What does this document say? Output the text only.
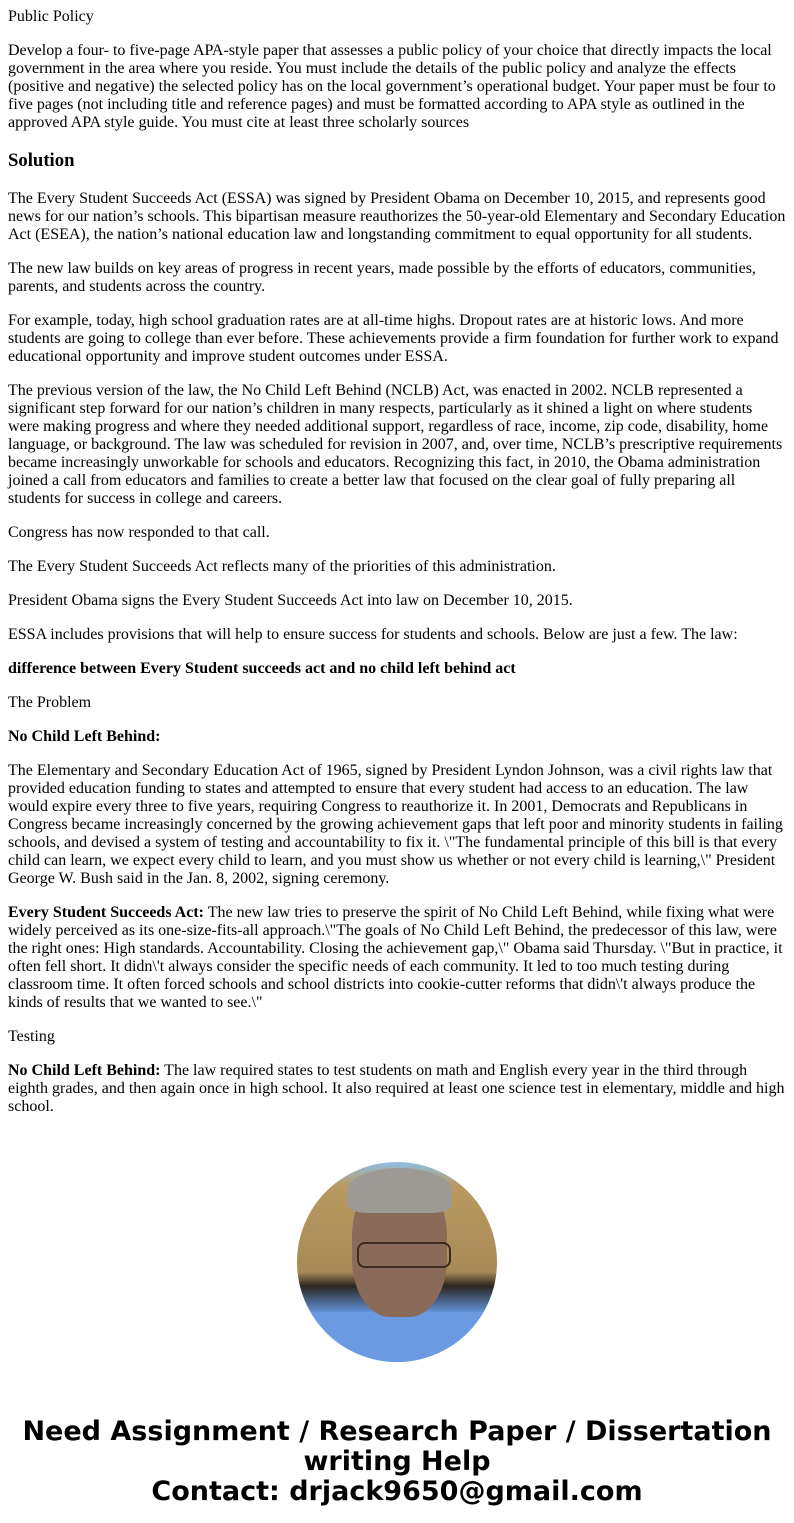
Public Policy

Develop a four- to five-page APA-style paper that assesses a public policy of your choice that directly impacts the local government in the area where you reside. You must include the details of the public policy and analyze the effects (positive and negative) the selected policy has on the local government’s operational budget. Your paper must be four to five pages (not including title and reference pages) and must be formatted according to APA style as outlined in the approved APA style guide. You must cite at least three scholarly sources

Solution

The Every Student Succeeds Act (ESSA) was signed by President Obama on December 10, 2015, and represents good news for our nation’s schools. This bipartisan measure reauthorizes the 50-year-old Elementary and Secondary Education Act (ESEA), the nation’s national education law and longstanding commitment to equal opportunity for all students.

The new law builds on key areas of progress in recent years, made possible by the efforts of educators, communities, parents, and students across the country.

For example, today, high school graduation rates are at all-time highs. Dropout rates are at historic lows. And more students are going to college than ever before. These achievements provide a firm foundation for further work to expand educational opportunity and improve student outcomes under ESSA.

The previous version of the law, the No Child Left Behind (NCLB) Act, was enacted in 2002. NCLB represented a significant step forward for our nation’s children in many respects, particularly as it shined a light on where students were making progress and where they needed additional support, regardless of race, income, zip code, disability, home language, or background. The law was scheduled for revision in 2007, and, over time, NCLB’s prescriptive requirements became increasingly unworkable for schools and educators. Recognizing this fact, in 2010, the Obama administration joined a call from educators and families to create a better law that focused on the clear goal of fully preparing all students for success in college and careers.

Congress has now responded to that call.

The Every Student Succeeds Act reflects many of the priorities of this administration.

President Obama signs the Every Student Succeeds Act into law on December 10, 2015.

ESSA includes provisions that will help to ensure success for students and schools. Below are just a few. The law:

difference between Every Student succeeds act and no child left behind act

The Problem

No Child Left Behind:

The Elementary and Secondary Education Act of 1965, signed by President Lyndon Johnson, was a civil rights law that provided education funding to states and attempted to ensure that every student had access to an education. The law would expire every three to five years, requiring Congress to reauthorize it. In 2001, Democrats and Republicans in Congress became increasingly concerned by the growing achievement gaps that left poor and minority students in failing schools, and devised a system of testing and accountability to fix it. \"The fundamental principle of this bill is that every child can learn, we expect every child to learn, and you must show us whether or not every child is learning,\" President George W. Bush said in the Jan. 8, 2002, signing ceremony.

Every Student Succeeds Act: The new law tries to preserve the spirit of No Child Left Behind, while fixing what were widely perceived as its one-size-fits-all approach.\"The goals of No Child Left Behind, the predecessor of this law, were the right ones: High standards. Accountability. Closing the achievement gap,\" Obama said Thursday. \"But in practice, it often fell short. It didn\'t always consider the specific needs of each community. It led to too much testing during classroom time. It often forced schools and school districts into cookie-cutter reforms that didn\'t always produce the kinds of results that we wanted to see.\"

Testing

No Child Left Behind: The law required states to test students on math and English every year in the third through eighth grades, and then again once in high school. It also required at least one science test in elementary, middle and high school.

Need Assignment / Research Paper / Dissertation writing Help
Contact: drjack9650@gmail.com
